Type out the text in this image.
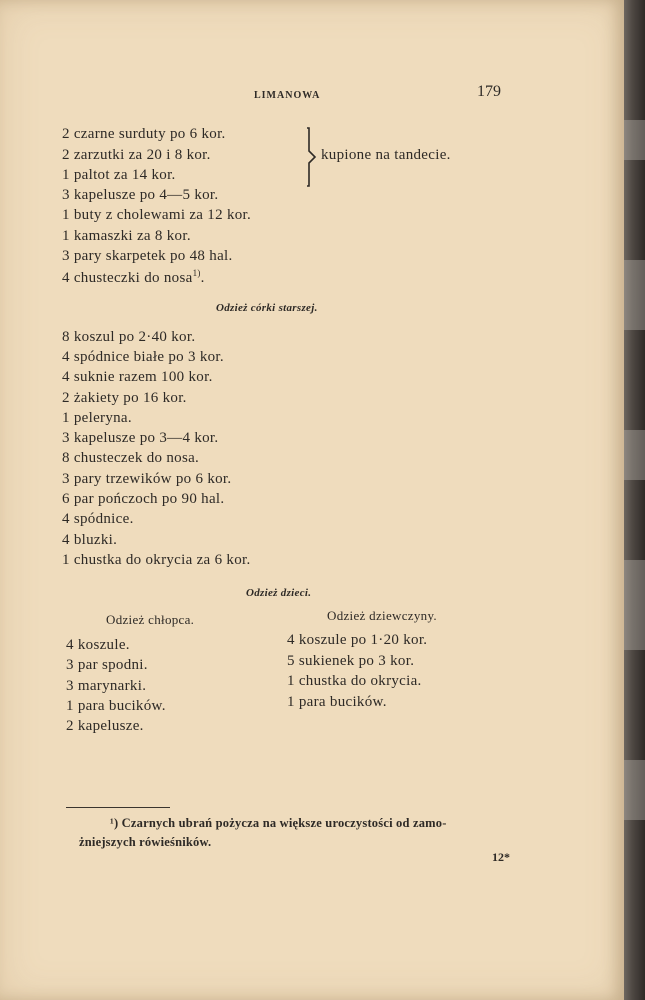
LIMANOWA	179
2 czarne surduty po 6 kor.
2 zarzutki za 20 i 8 kor.
1 paltot za 14 kor.
3 kapelusze po 4—5 kor.
1 buty z cholewami za 12 kor.
1 kamaszki za 8 kor.
3 pary skarpetek po 48 hal.
4 chusteczki do nosa$^{1)}$.
kupione na tandecie.
Odzież córki starszej.
8 koszul po 2·40 kor.
4 spódnice białe po 3 kor.
4 suknie razem 100 kor.
2 żakiety po 16 kor.
1 peleryna.
3 kapelusze po 3—4 kor.
8 chusteczek do nosa.
3 pary trzewików po 6 kor.
6 par pończoch po 90 hal.
4 spódnice.
4 bluzki.
1 chustka do okrycia za 6 kor.
Odzież dzieci.
Odzież chłopca.	Odzież dziewczyny.
4 koszule.
3 par spodni.
3 marynarki.
1 para bucików.
2 kapelusze.
4 koszule po 1·20 kor.
5 sukienek po 3 kor.
1 chustka do okrycia.
1 para bucików.
¹) Czarnych ubrań pożycza na większe uroczystości od zamo-
żniejszych rówieśników.
12*
